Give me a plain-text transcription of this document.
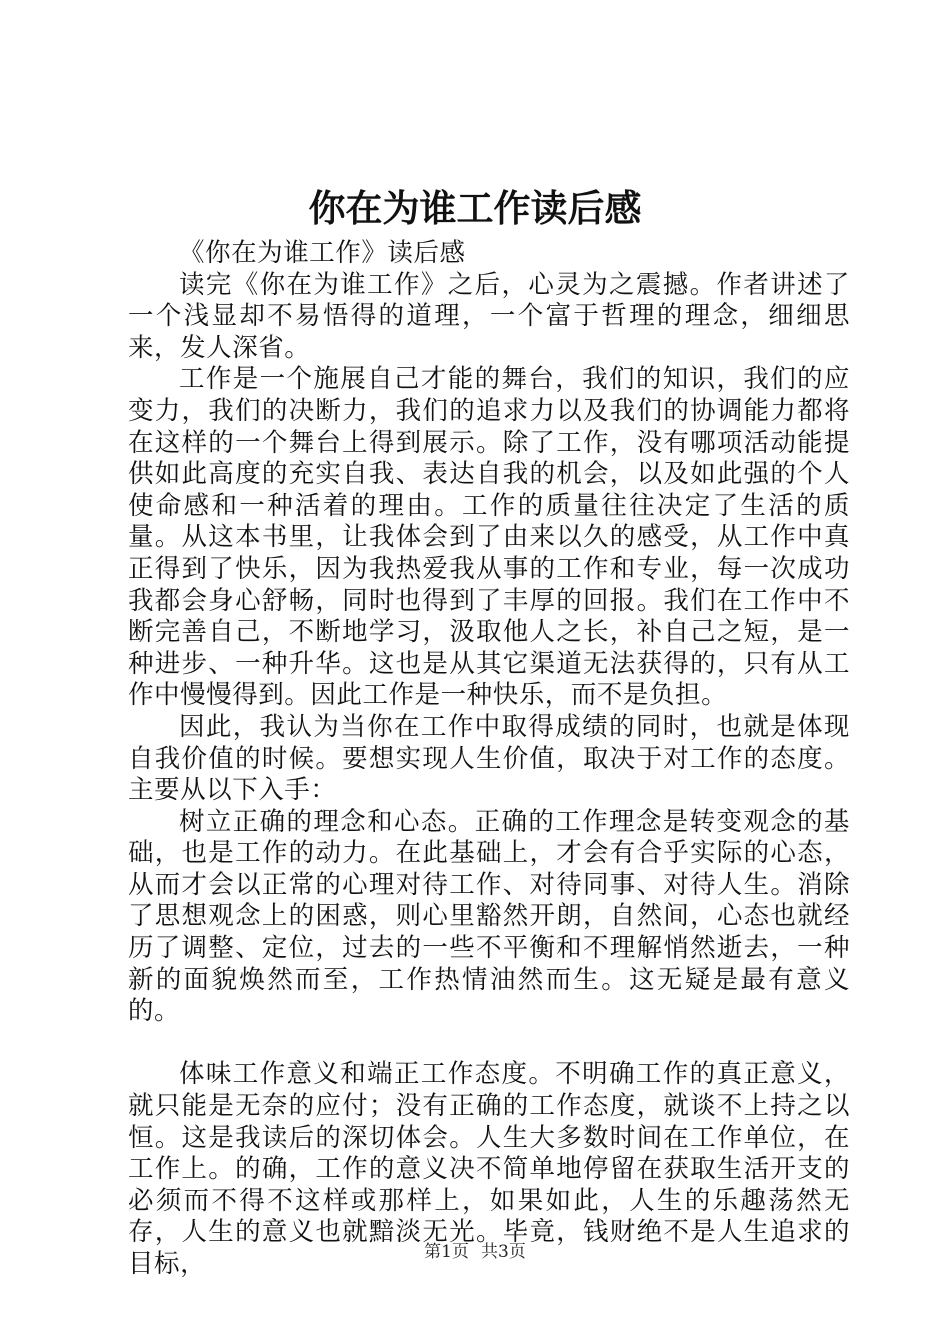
你在为谁工作读后感

《你在为谁工作》读后感

读完《你在为谁工作》之后，心灵为之震撼。作者讲述了一个浅显却不易悟得的道理，一个富于哲理的理念，细细思来，发人深省。

工作是一个施展自己才能的舞台，我们的知识，我们的应变力，我们的决断力，我们的追求力以及我们的协调能力都将在这样的一个舞台上得到展示。除了工作，没有哪项活动能提供如此高度的充实自我、表达自我的机会，以及如此强的个人使命感和一种活着的理由。工作的质量往往决定了生活的质量。从这本书里，让我体会到了由来以久的感受，从工作中真正得到了快乐，因为我热爱我从事的工作和专业，每一次成功我都会身心舒畅，同时也得到了丰厚的回报。我们在工作中不断完善自己，不断地学习，汲取他人之长，补自己之短，是一种进步、一种升华。这也是从其它渠道无法获得的，只有从工作中慢慢得到。因此工作是一种快乐，而不是负担。

因此，我认为当你在工作中取得成绩的同时，也就是体现自我价值的时候。要想实现人生价值，取决于对工作的态度。主要从以下入手：

树立正确的理念和心态。正确的工作理念是转变观念的基础，也是工作的动力。在此基础上，才会有合乎实际的心态，从而才会以正常的心理对待工作、对待同事、对待人生。消除了思想观念上的困惑，则心里豁然开朗，自然间，心态也就经历了调整、定位，过去的一些不平衡和不理解悄然逝去，一种新的面貌焕然而至，工作热情油然而生。这无疑是最有意义的。

体味工作意义和端正工作态度。不明确工作的真正意义，就只能是无奈的应付；没有正确的工作态度，就谈不上持之以恒。这是我读后的深切体会。人生大多数时间在工作单位，在工作上。的确，工作的意义决不简单地停留在获取生活开支的必须而不得不这样或那样上，如果如此，人生的乐趣荡然无存，人生的意义也就黯淡无光。毕竟，钱财绝不是人生追求的目标，	第1页 共3页
